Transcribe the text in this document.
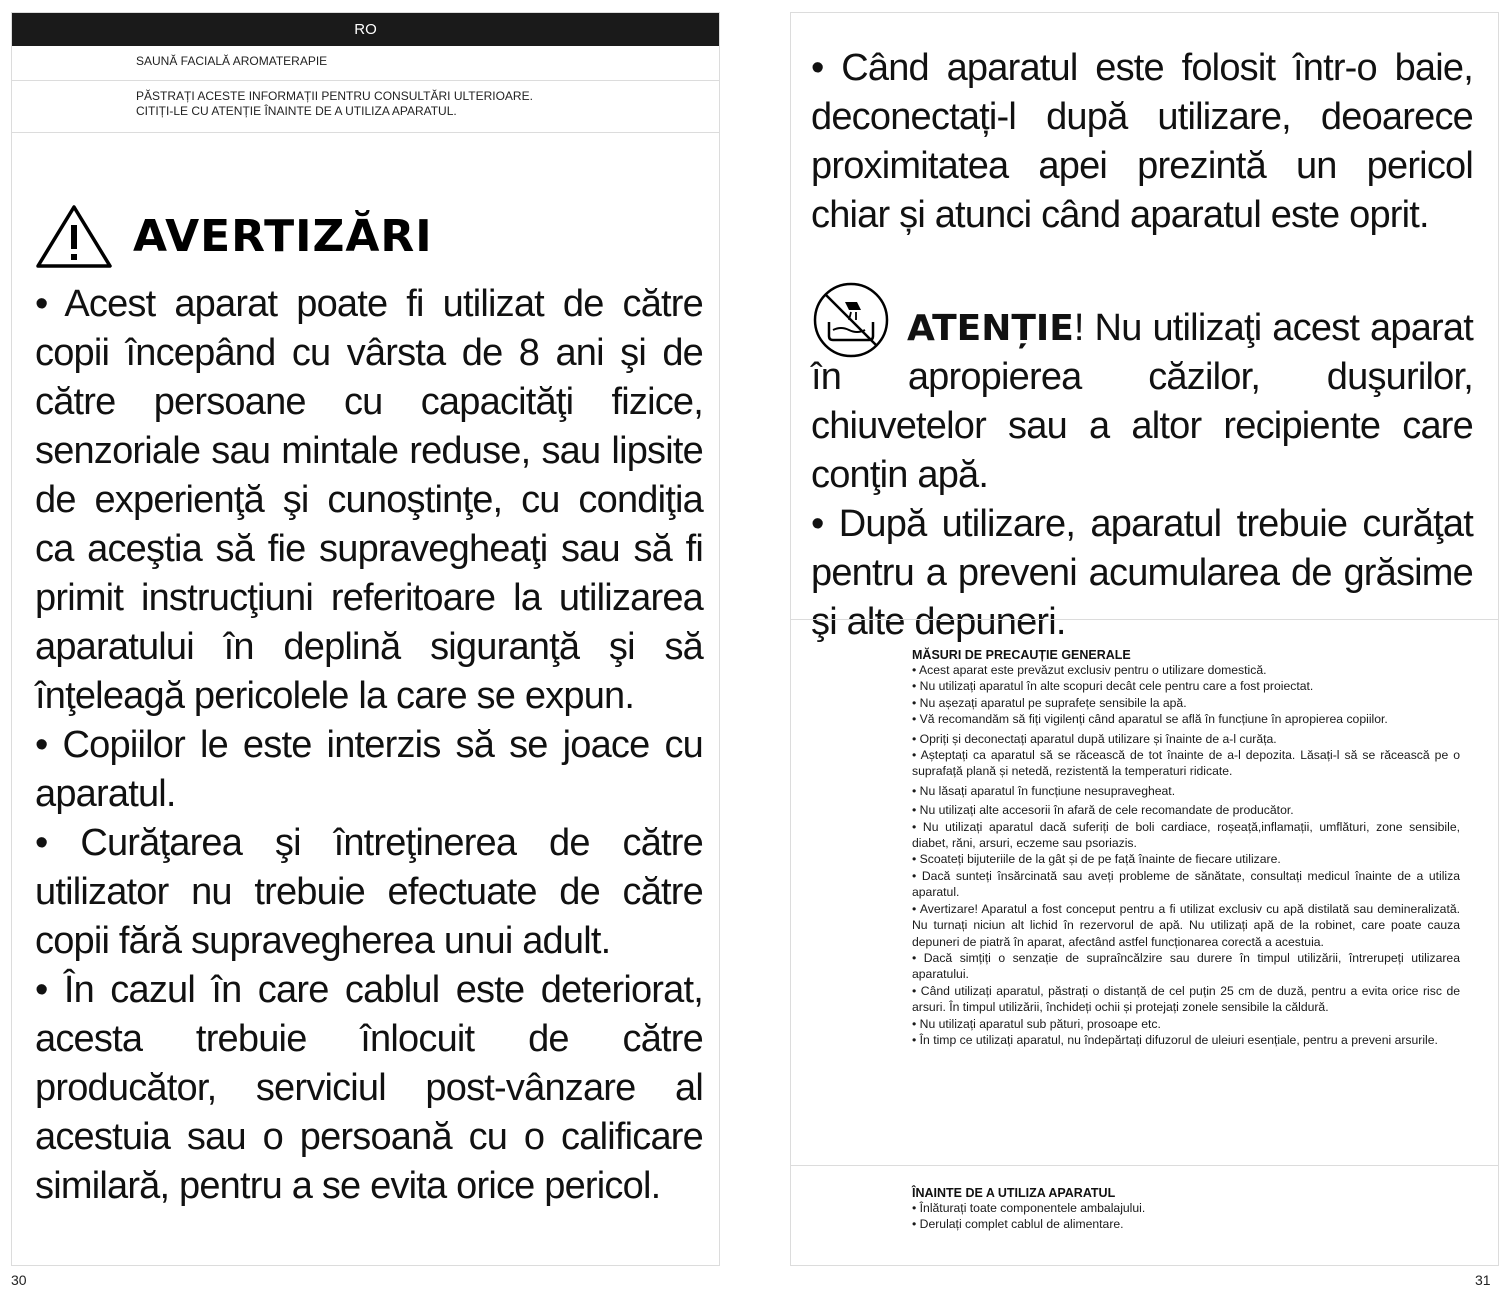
RO
SAUNĂ FACIALĂ AROMATERAPIE
PĂSTRAȚI ACESTE INFORMAȚII PENTRU CONSULTĂRI ULTERIOARE.
CITIȚI-LE CU ATENȚIE ÎNAINTE DE A UTILIZA APARATUL.
AVERTIZĂRI

• Acest aparat poate fi utilizat de către copii începând cu vârsta de 8 ani şi de către persoane cu capacităţi fizice, senzoriale sau mintale reduse, sau lipsite de experienţă şi cunoştinţe, cu condiţia ca aceştia să fie supravegheaţi sau să fi primit instrucţiuni referitoare la utilizarea aparatului în deplină siguranţă şi să înţeleagă pericolele la care se expun.

• Copiilor le este interzis să se joace cu aparatul.

• Curăţarea şi întreţinerea de către utilizator nu trebuie efectuate de către copii fără supravegherea unui adult.

• În cazul în care cablul este deteriorat, acesta trebuie înlocuit de către producător, serviciul post-vânzare al acestuia sau o persoană cu o calificare similară, pentru a se evita orice pericol.

• Când aparatul este folosit într-o baie, deconectați-l după utilizare, deoarece proximitatea apei prezintă un pericol chiar și atunci când aparatul este oprit.

ATENȚIE! Nu utilizaţi acest aparat în apropierea căzilor, duşurilor, chiuvetelor sau a altor recipiente care conţin apă.

• După utilizare, aparatul trebuie curăţat pentru a preveni acumularea de grăsime şi alte depuneri.

MĂSURI DE PRECAUȚIE GENERALE

• Acest aparat este prevăzut exclusiv pentru o utilizare domestică.

• Nu utilizați aparatul în alte scopuri decât cele pentru care a fost proiectat.

• Nu așezați aparatul pe suprafețe sensibile la apă.

• Vă recomandăm să fiți vigilenți când aparatul se află în funcțiune în apropierea copiilor.

• Opriți și deconectați aparatul după utilizare și înainte de a-l curăța.

• Așteptați ca aparatul să se răcească de tot înainte de a-l depozita. Lăsați-l să se răcească pe o suprafață plană și netedă, rezistentă la temperaturi ridicate.

• Nu lăsați aparatul în funcțiune nesupravegheat.

• Nu utilizați alte accesorii în afară de cele recomandate de producător.

• Nu utilizați aparatul dacă suferiți de boli cardiace, roșeață,inflamații, umflături, zone sensibile, diabet, răni, arsuri, eczeme sau psoriazis.

• Scoateți bijuteriile de la gât și de pe față înainte de fiecare utilizare.

• Dacă sunteți însărcinată sau aveți probleme de sănătate, consultați medicul înainte de a utiliza aparatul.

• Avertizare! Aparatul a fost conceput pentru a fi utilizat exclusiv cu apă distilată sau demineralizată. Nu turnați niciun alt lichid în rezervorul de apă. Nu utilizați apă de la robinet, care poate cauza depuneri de piatră în aparat, afectând astfel funcționarea corectă a acestuia.

• Dacă simțiți o senzație de supraîncălzire sau durere în timpul utilizării, întrerupeți utilizarea aparatului.

• Când utilizați aparatul, păstrați o distanță de cel puțin 25 cm de duză, pentru a evita orice risc de arsuri. În timpul utilizării, închideți ochii și protejați zonele sensibile la căldură.

• Nu utilizați aparatul sub pături, prosoape etc.

• În timp ce utilizați aparatul, nu îndepărtați difuzorul de uleiuri esențiale, pentru a preveni arsurile.

ÎNAINTE DE A UTILIZA APARATUL

• Înlăturați toate componentele ambalajului.

• Derulați complet cablul de alimentare.

30	31
